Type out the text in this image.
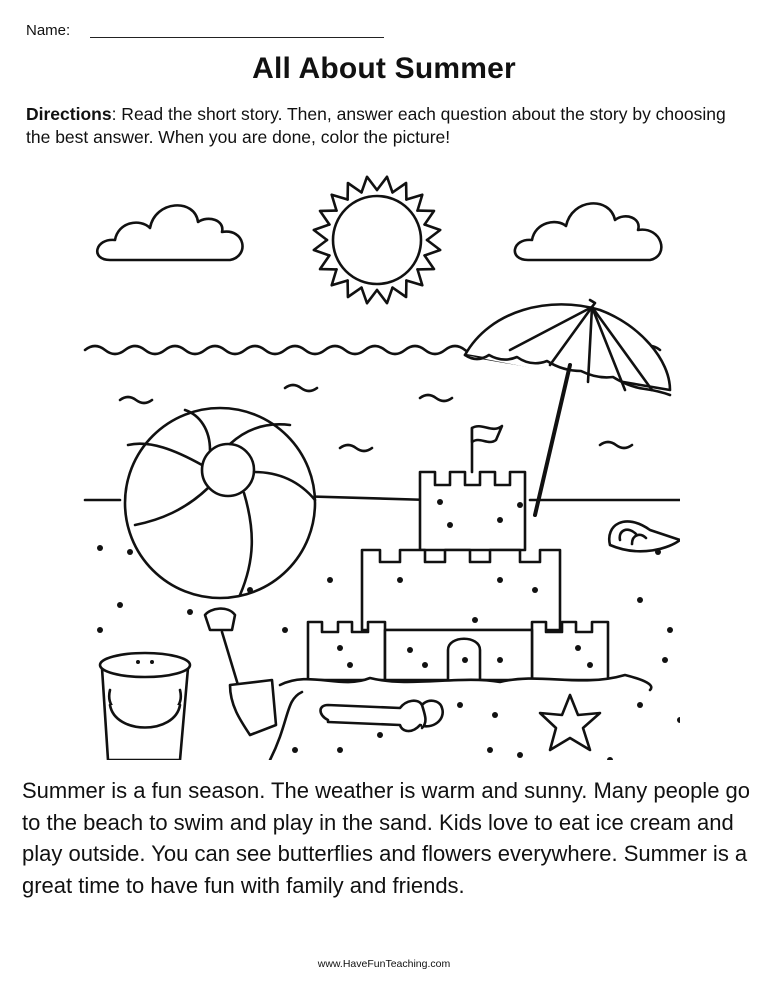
Name:
All About Summer
Directions: Read the short story. Then, answer each question about the story by choosing the best answer. When you are done, color the picture!
Summer is a fun season. The weather is warm and sunny. Many people go to the beach to swim and play in the sand. Kids love to eat ice cream and play outside. You can see butterflies and flowers everywhere. Summer is a great time to have fun with family and friends.
www.HaveFunTeaching.com
